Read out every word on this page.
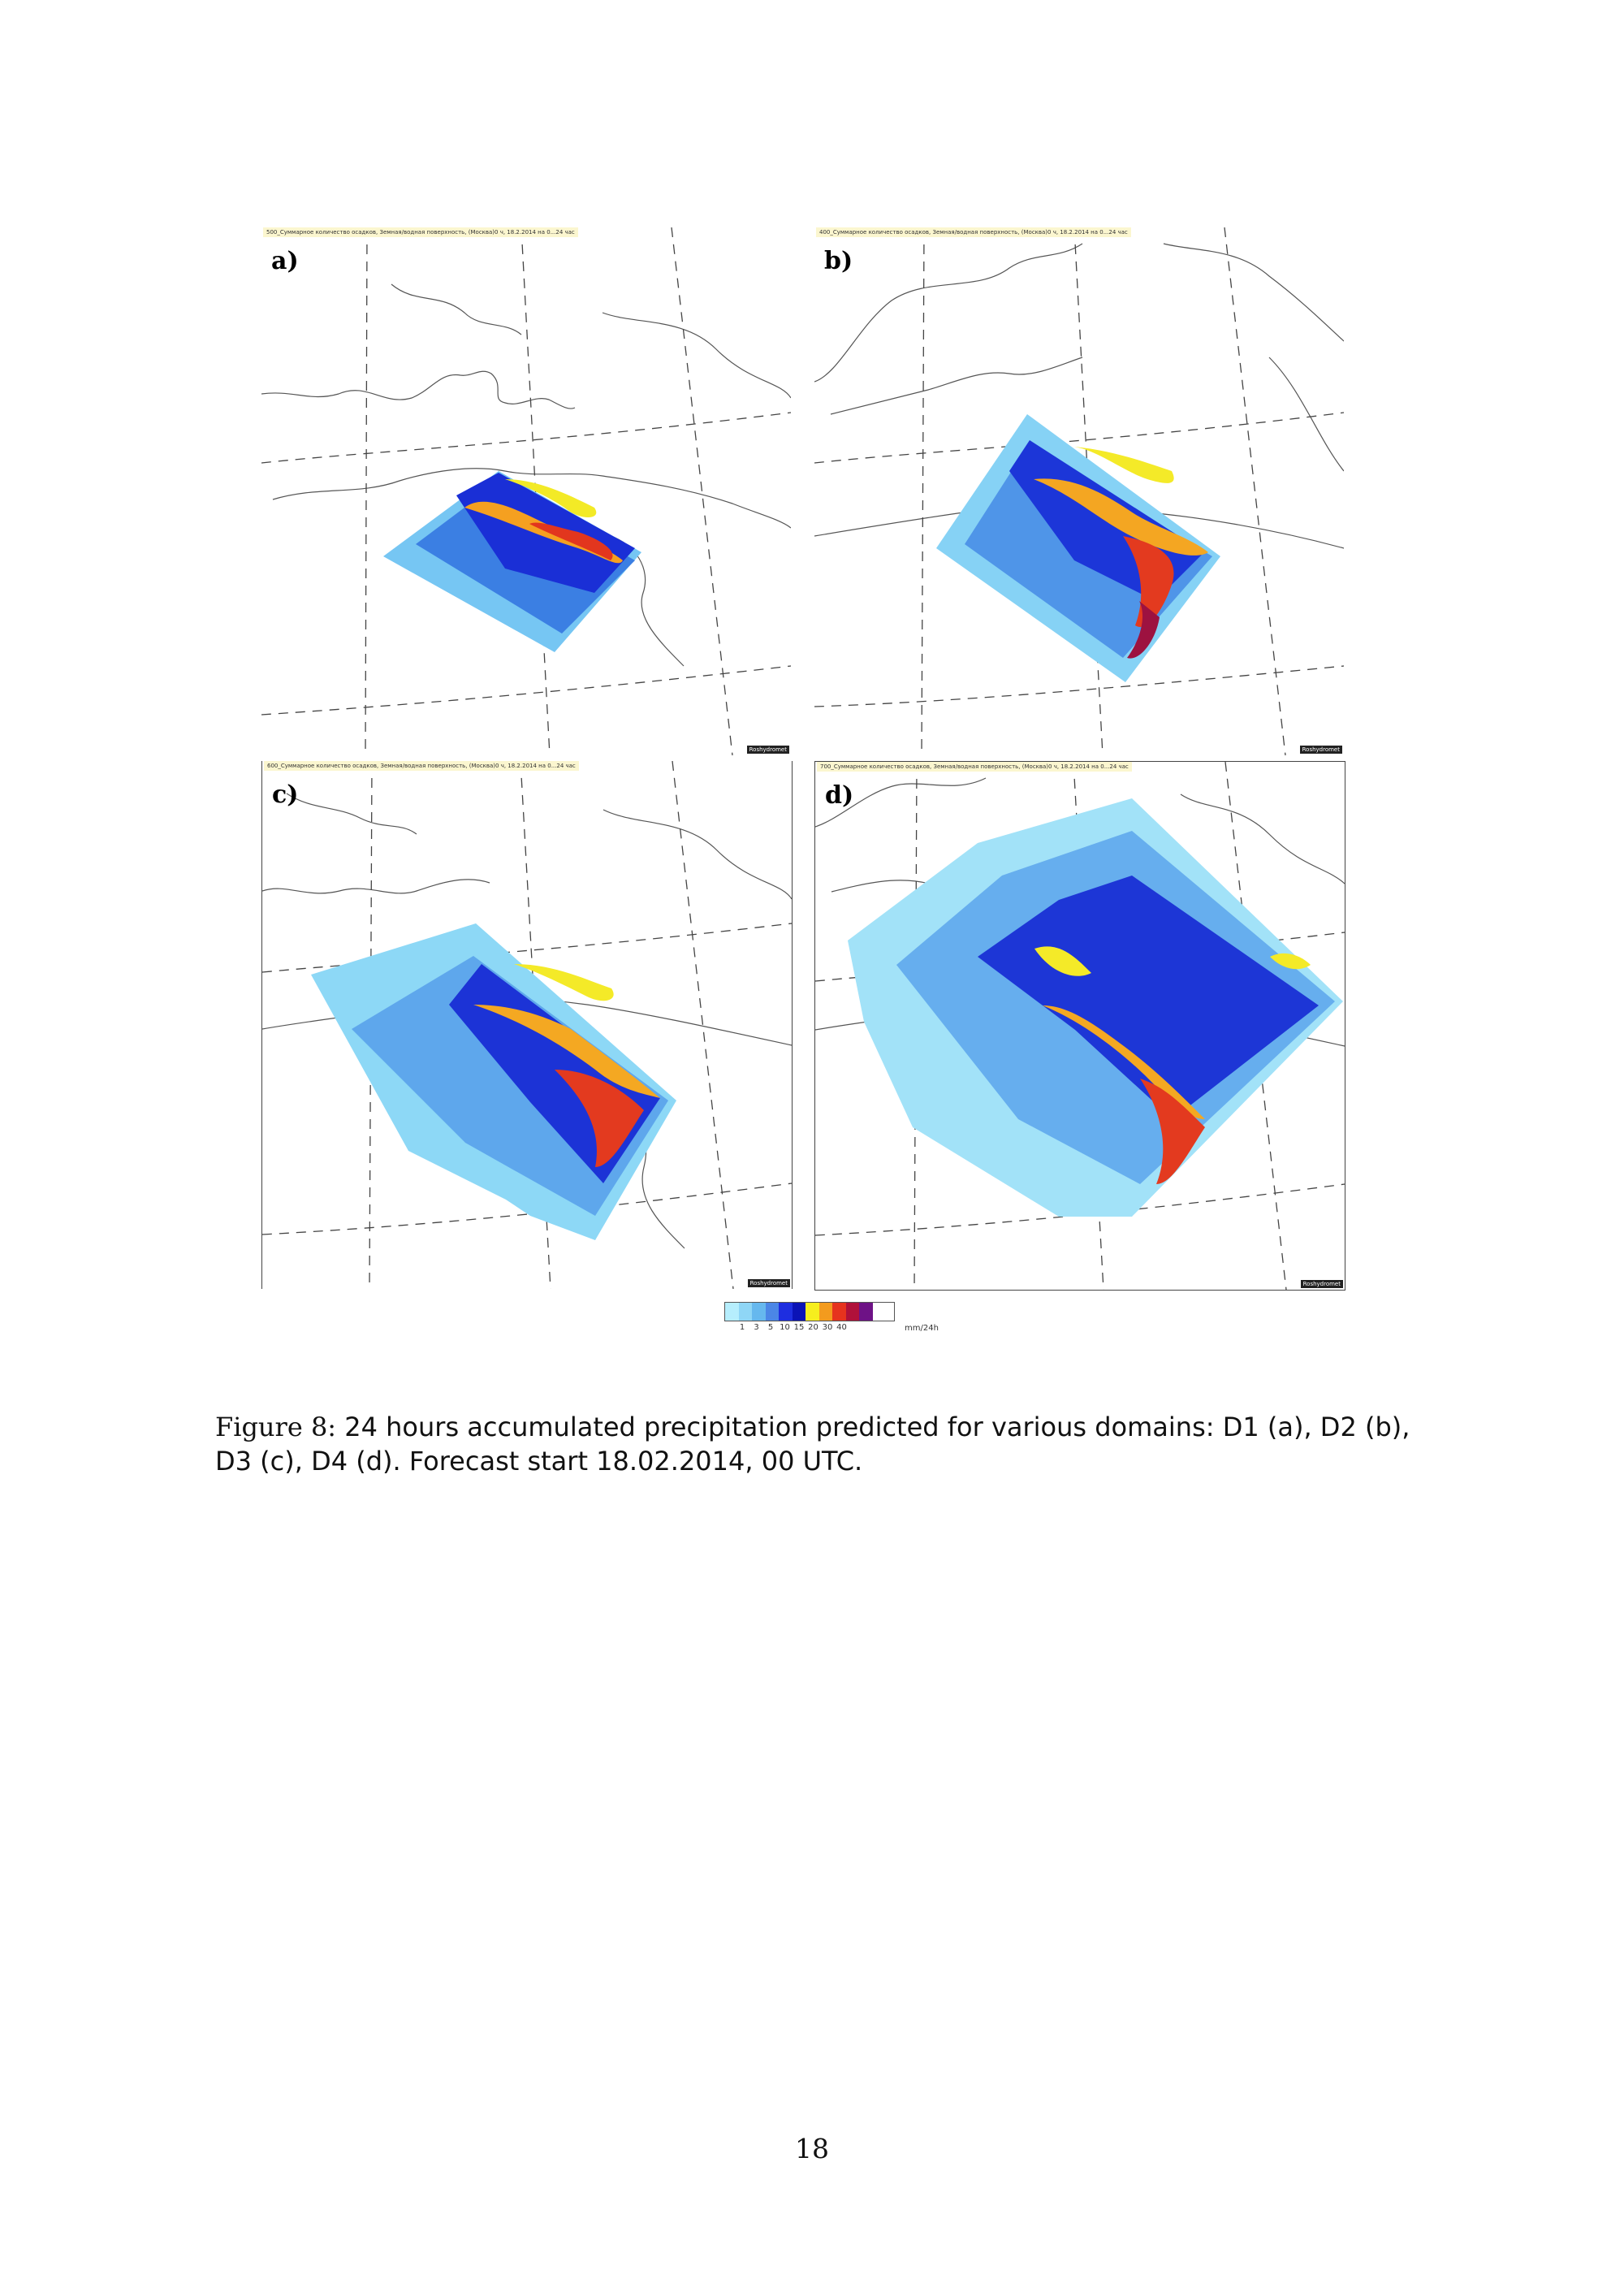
500_Суммарное количество осадков, Земная/водная поверхность, (Москва)0 ч, 18.2.2014 на 0...24 час
a)
Roshydromet
400_Суммарное количество осадков, Земная/водная поверхность, (Москва)0 ч, 18.2.2014 на 0...24 час
b)
Roshydromet
600_Суммарное количество осадков, Земная/водная поверхность, (Москва)0 ч, 18.2.2014 на 0...24 час
c)
Roshydromet
700_Суммарное количество осадков, Земная/водная поверхность, (Москва)0 ч, 18.2.2014 на 0...24 час
d)
Roshydromet
1 3 5 10 15 20 30 40	mm/24h
Figure 8: 24 hours accumulated precipitation predicted for various domains: D1 (a), D2 (b), D3 (c), D4 (d). Forecast start 18.02.2014, 00 UTC.
18
